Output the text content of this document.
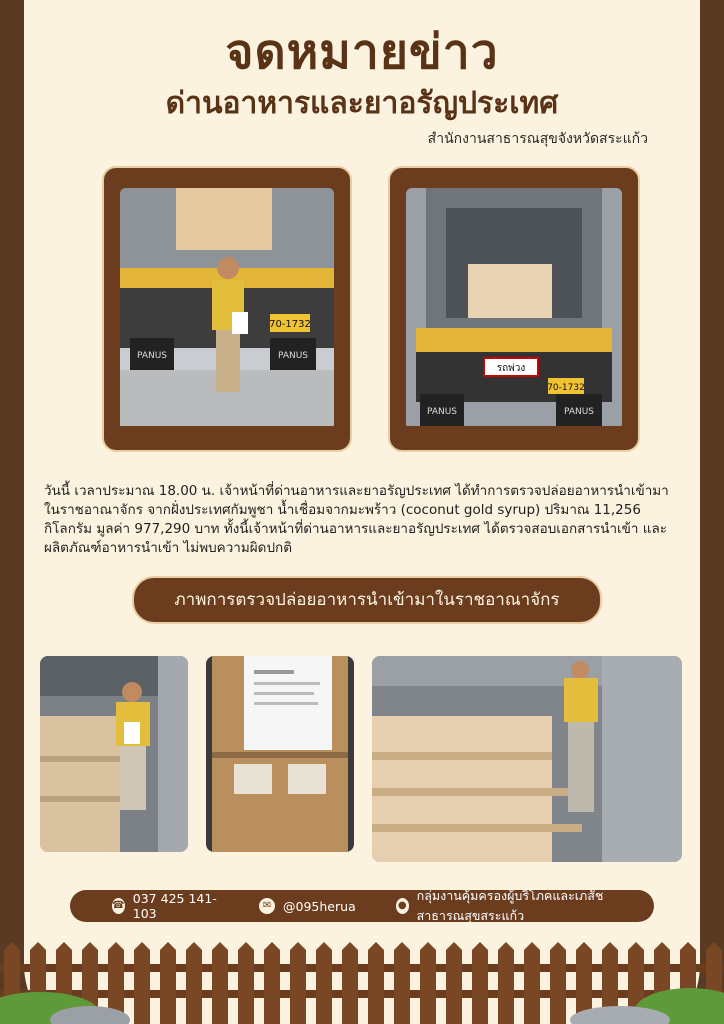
จดหมายข่าว
ด่านอาหารและยาอรัญประเทศ
สำนักงานสาธารณสุขจังหวัดสระแก้ว
70-1732
PANUS	PANUS
รถพ่วง
70-1732
PANUS	PANUS
วันนี้ เวลาประมาณ 18.00 น. เจ้าหน้าที่ด่านอาหารและยาอรัญประเทศ ได้ทำการตรวจปล่อยอาหารนำเข้ามาในราชอาณาจักร จากฝั่งประเทศกัมพูชา น้ำเชื่อมจากมะพร้าว (coconut gold syrup) ปริมาณ 11,256 กิโลกรัม มูลค่า 977,290 บาท ทั้งนี้เจ้าหน้าที่ด่านอาหารและยาอรัญประเทศ ได้ตรวจสอบเอกสารนำเข้า และผลิตภัณฑ์อาหารนำเข้า ไม่พบความผิดปกติ
ภาพการตรวจปล่อยอาหารนำเข้ามาในราชอาณาจักร
☎ 037 425 141-103
✉ @095herua	●
กลุ่มงานคุ้มครองผู้บริโภคและเภสัชสาธารณสุขสระแก้ว
